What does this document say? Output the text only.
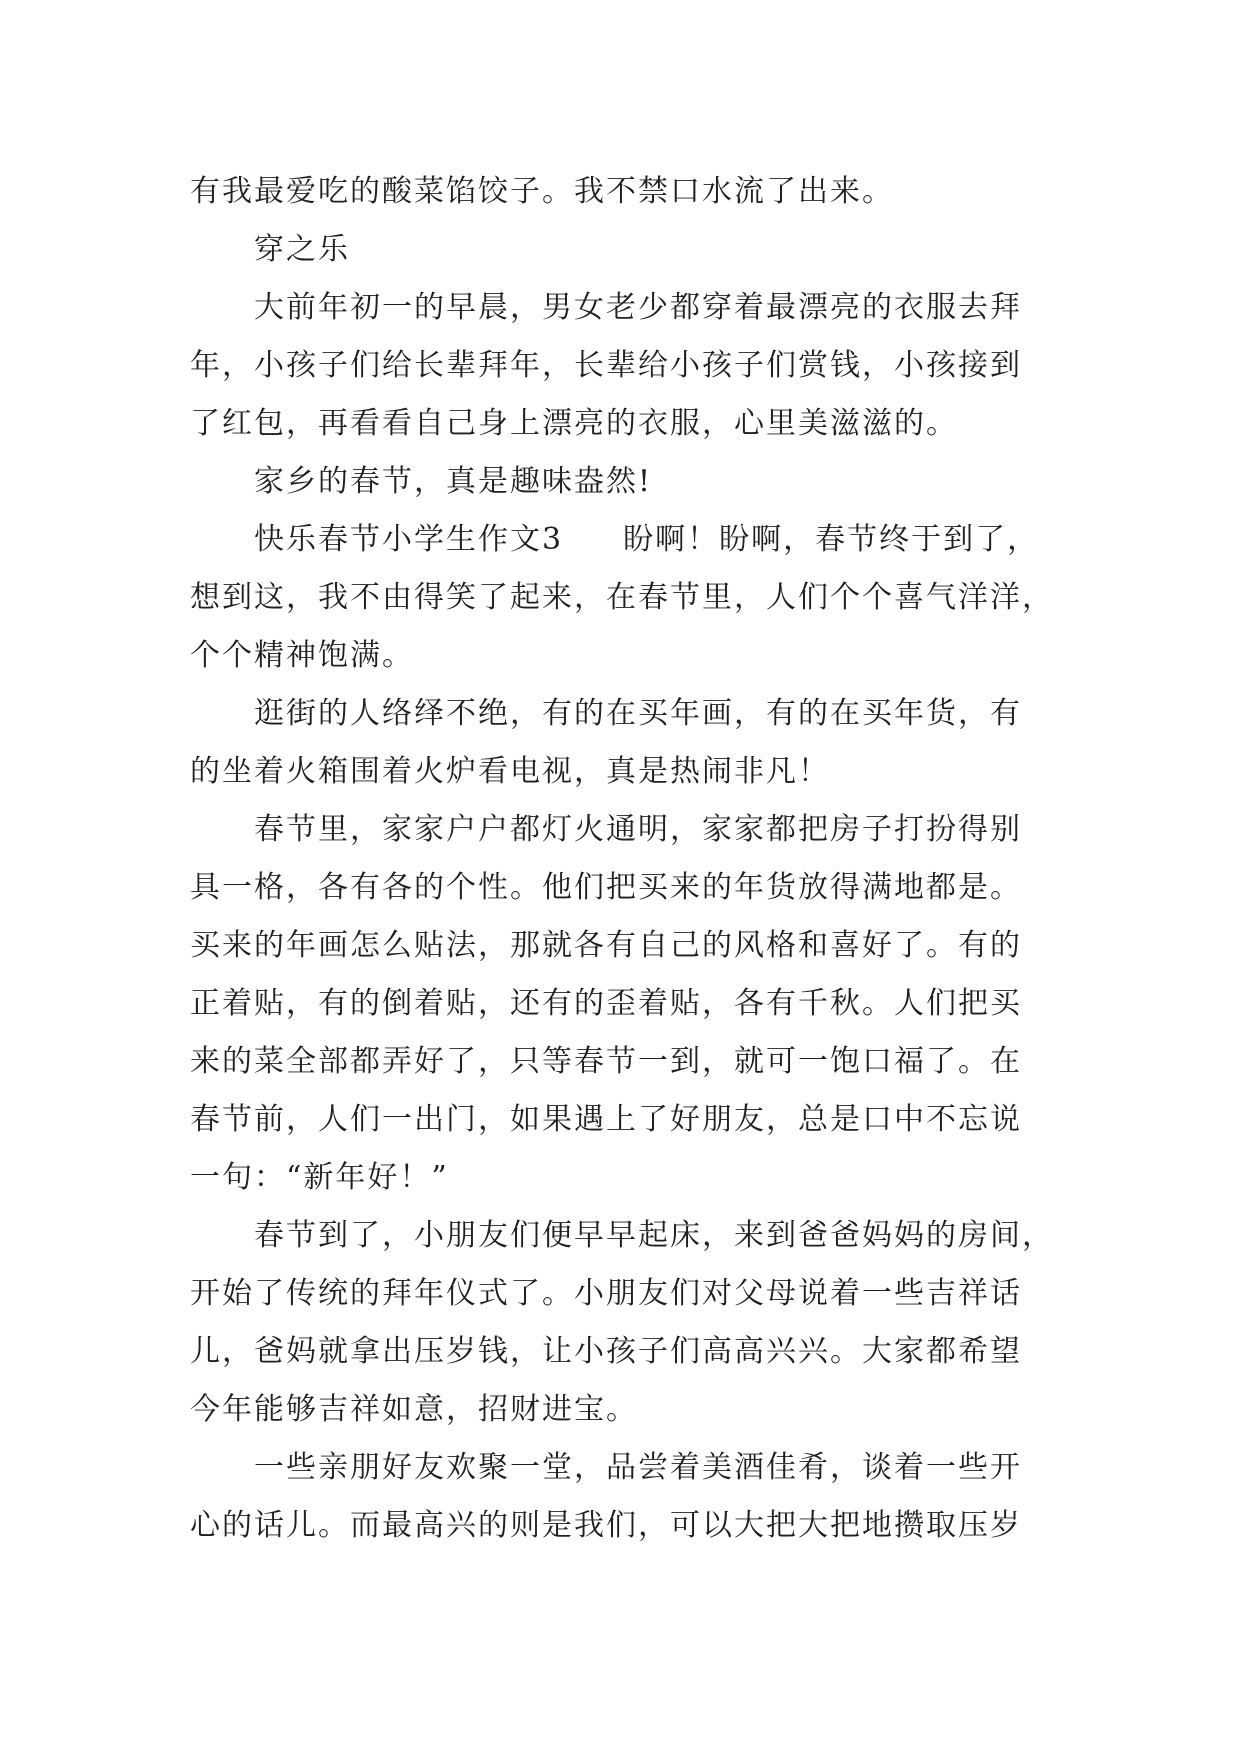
有我最爱吃的酸菜馅饺子。我不禁口水流了出来。
穿之乐
大前年初一的早晨，男女老少都穿着最漂亮的衣服去拜
年，小孩子们给长辈拜年，长辈给小孩子们赏钱，小孩接到
了红包，再看看自己身上漂亮的衣服，心里美滋滋的。
家乡的春节，真是趣味盎然!
快乐春节小学生作文3 盼啊！盼啊，春节终于到了，
想到这，我不由得笑了起来，在春节里，人们个个喜气洋洋，
个个精神饱满。
逛街的人络绎不绝，有的在买年画，有的在买年货，有
的坐着火箱围着火炉看电视，真是热闹非凡！
春节里，家家户户都灯火通明，家家都把房子打扮得别
具一格，各有各的个性。他们把买来的年货放得满地都是。
买来的年画怎么贴法，那就各有自己的风格和喜好了。有的
正着贴，有的倒着贴，还有的歪着贴，各有千秋。人们把买
来的菜全部都弄好了，只等春节一到，就可一饱口福了。在
春节前，人们一出门，如果遇上了好朋友，总是口中不忘说
一句：“新年好！”
春节到了，小朋友们便早早起床，来到爸爸妈妈的房间，
开始了传统的拜年仪式了。小朋友们对父母说着一些吉祥话
儿，爸妈就拿出压岁钱，让小孩子们高高兴兴。大家都希望
今年能够吉祥如意，招财进宝。
一些亲朋好友欢聚一堂，品尝着美酒佳肴，谈着一些开
心的话儿。而最高兴的则是我们，可以大把大把地攒取压岁
